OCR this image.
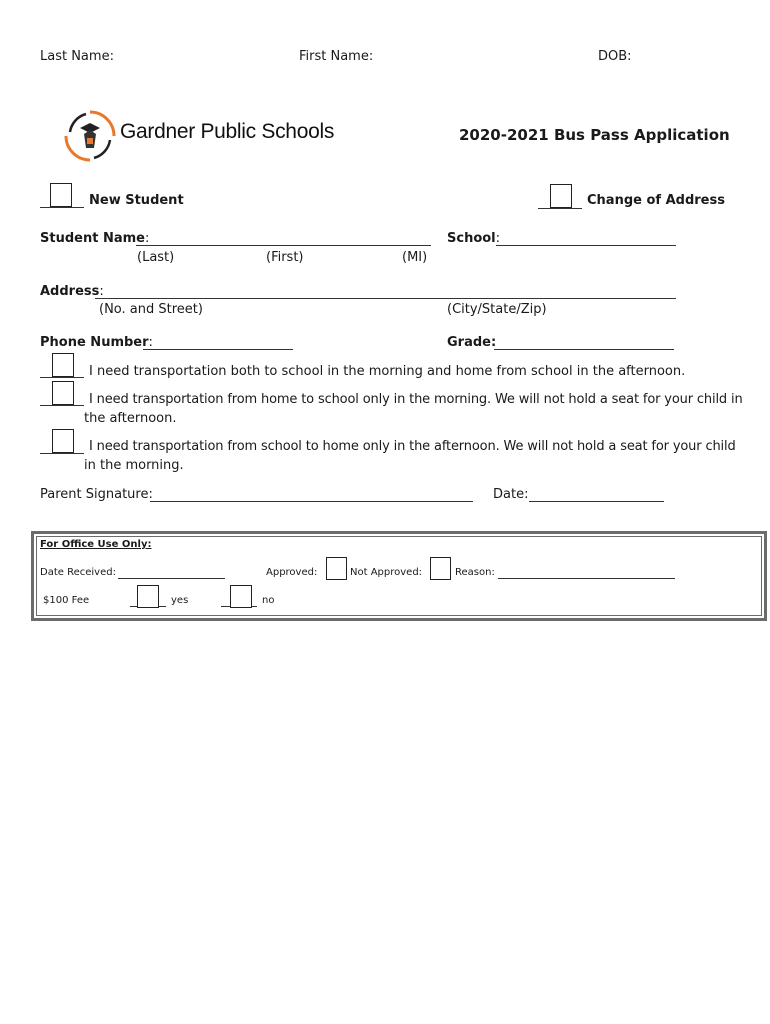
Last Name:	First Name:	DOB:
Gardner Public Schools	2020-2021 Bus Pass Application
New Student	Change of Address
Student Name:
(Last)	(First)	(MI)
School:
Address:
(No. and Street)	(City/State/Zip)
Phone Number:	Grade:
I need transportation both to school in the morning and home from school in the afternoon.
I need transportation from home to school only in the morning. We will not hold a seat for your child in
the afternoon.
I need transportation from school to home only in the afternoon. We will not hold a seat for your child
in the morning.
Parent Signature:	Date:
For Office Use Only:
Date Received:	Approved:	Not Approved:	Reason:
$100 Fee	yes	no
